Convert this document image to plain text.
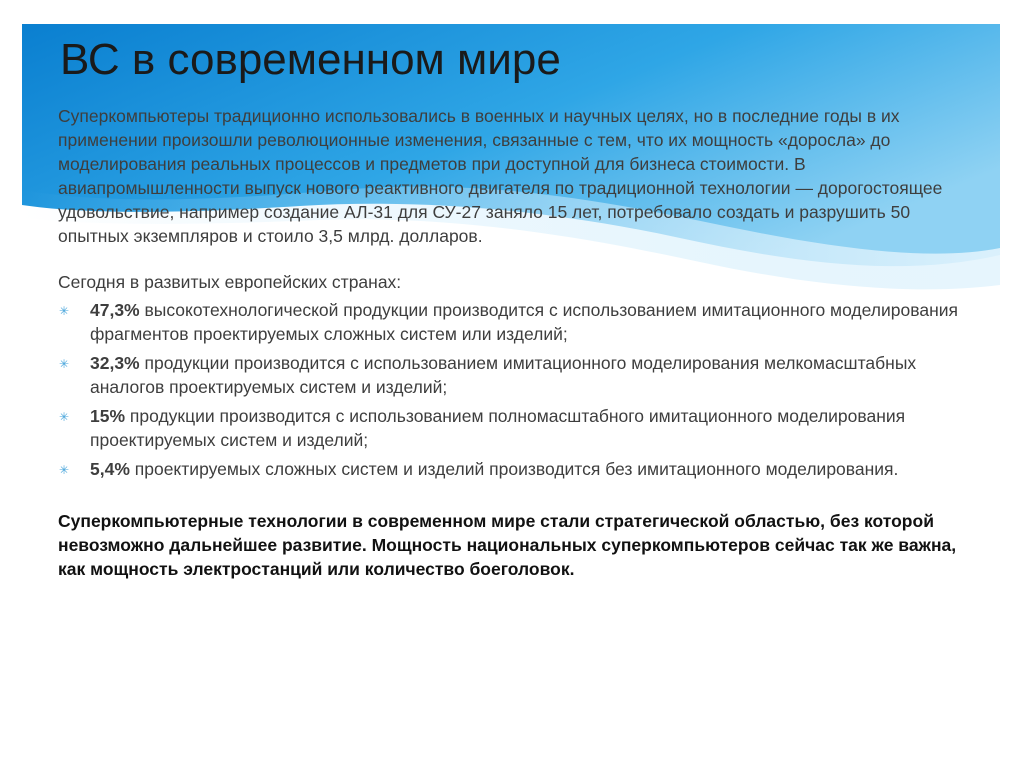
ВС в современном мире

Суперкомпьютеры традиционно использовались в военных и научных целях, но в последние годы в их применении произошли революционные изменения, связанные с тем, что их мощность «доросла» до моделирования реальных процессов и предметов при доступной для бизнеса стоимости. В авиапромышленности выпуск нового реактивного двигателя по традиционной технологии — дорогостоящее удовольствие, например создание АЛ-31 для СУ-27 заняло 15 лет, потребовало создать и разрушить 50 опытных экземпляров и стоило 3,5 млрд. долларов.

Сегодня в развитых европейских странах:

✳ 47,3% высокотехнологической продукции производится с использованием имитационного моделирования фрагментов проектируемых сложных систем или изделий;
✳ 32,3% продукции производится с использованием имитационного моделирования мелкомасштабных аналогов проектируемых систем и изделий;
✳ 15% продукции производится с использованием полномасштабного имитационного моделирования проектируемых систем и изделий;
✳ 5,4% проектируемых сложных систем и изделий производится без имитационного моделирования.

Суперкомпьютерные технологии в современном мире стали стратегической областью, без которой невозможно дальнейшее развитие. Мощность национальных суперкомпьютеров сейчас так же важна, как мощность электростанций или количество боеголовок.
